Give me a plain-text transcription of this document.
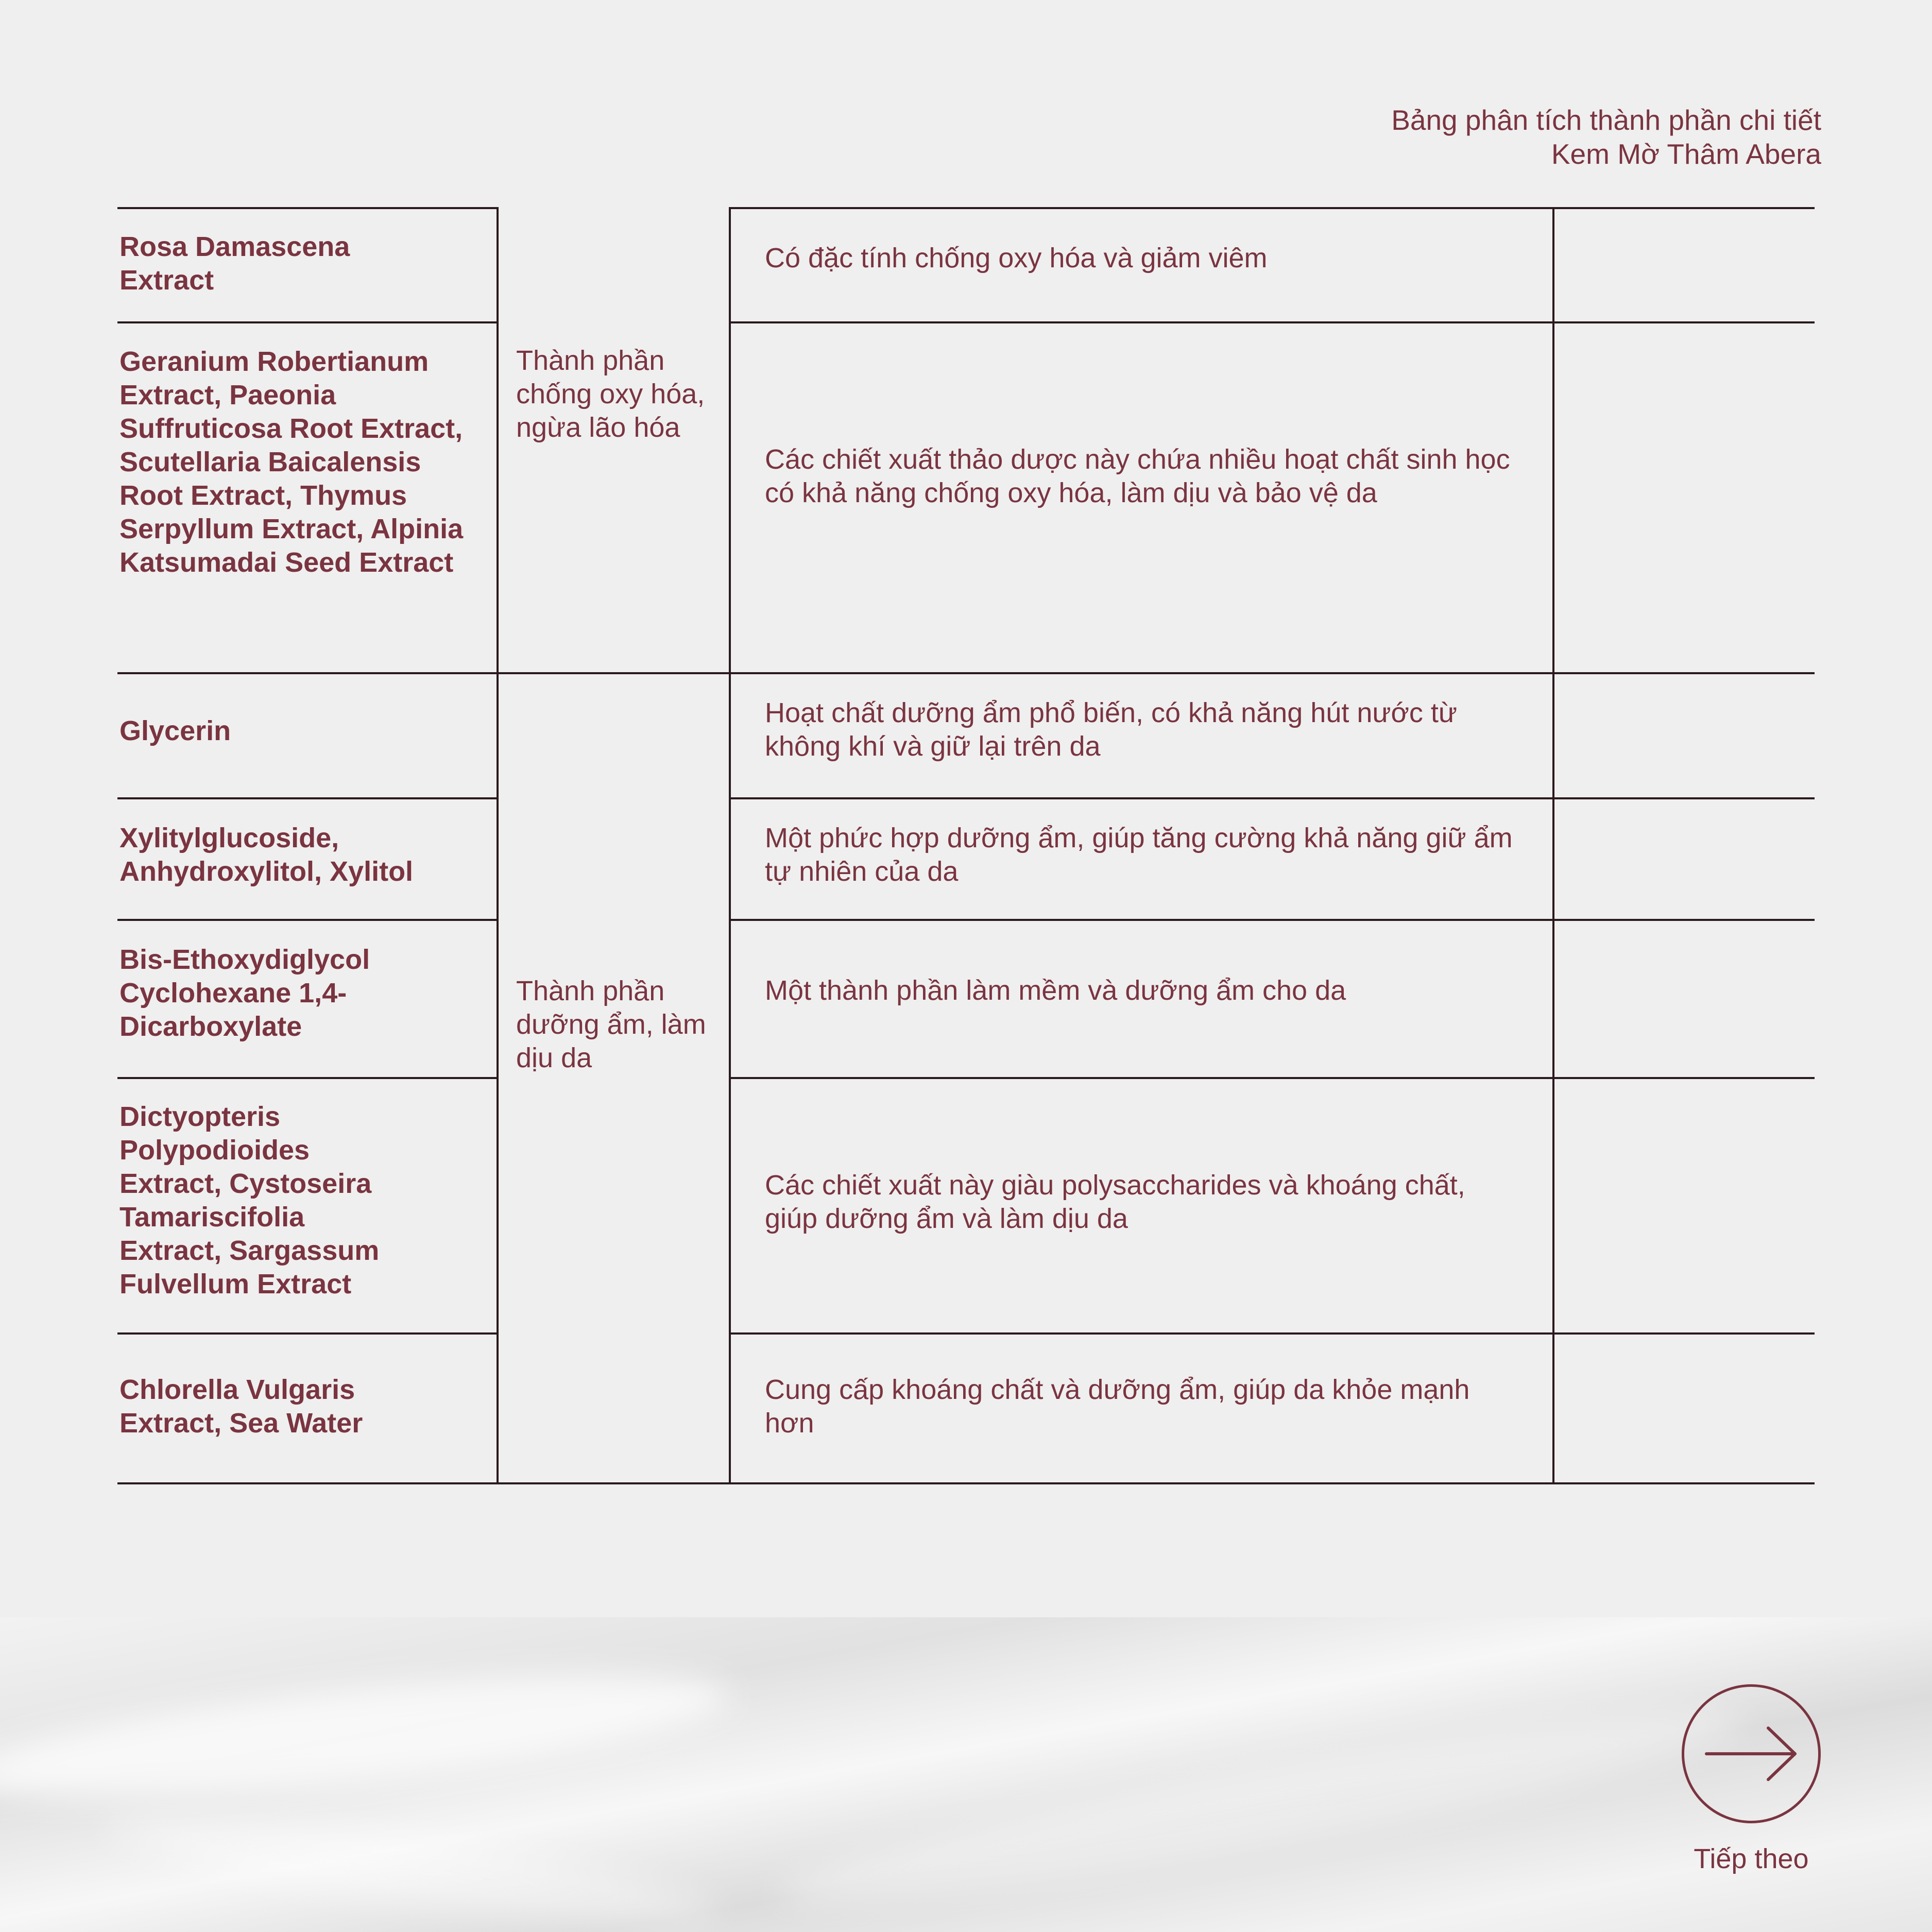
Bảng phân tích thành phần chi tiết
Kem Mờ Thâm Abera
Rosa Damascena Extract
Geranium Robertianum Extract, Paeonia Suffruticosa Root Extract, Scutellaria Baicalensis Root Extract, Thymus Serpyllum Extract, Alpinia Katsumadai Seed Extract
Glycerin
Xylitylglucoside, Anhydroxylitol, Xylitol
Bis-Ethoxydiglycol Cyclohexane 1,4-Dicarboxylate
Dictyopteris Polypodioides Extract, Cystoseira Tamariscifolia Extract, Sargassum Fulvellum Extract
Chlorella Vulgaris Extract, Sea Water
Thành phần chống oxy hóa, ngừa lão hóa
Thành phần dưỡng ẩm, làm dịu da
Có đặc tính chống oxy hóa và giảm viêm
Các chiết xuất thảo dược này chứa nhiều hoạt chất sinh học có khả năng chống oxy hóa, làm dịu và bảo vệ da
Hoạt chất dưỡng ẩm phổ biến, có khả năng hút nước từ không khí và giữ lại trên da
Một phức hợp dưỡng ẩm, giúp tăng cường khả năng giữ ẩm tự nhiên của da
Một thành phần làm mềm và dưỡng ẩm cho da
Các chiết xuất này giàu polysaccharides và khoáng chất, giúp dưỡng ẩm và làm dịu da
Cung cấp khoáng chất và dưỡng ẩm, giúp da khỏe mạnh hơn
Tiếp theo
